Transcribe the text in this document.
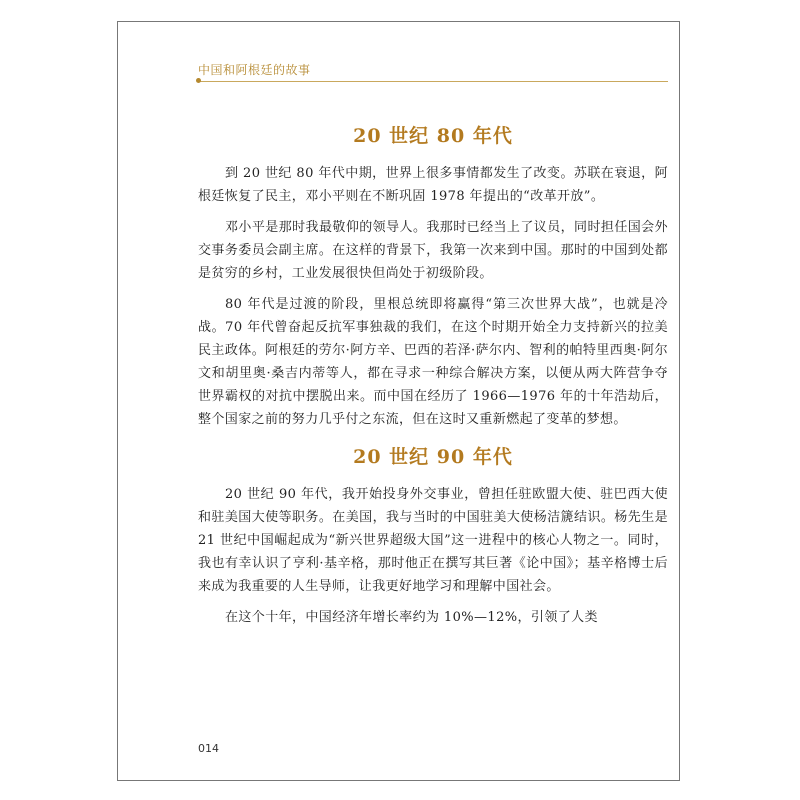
中国和阿根廷的故事
20 世纪 80 年代

到 20 世纪 80 年代中期，世界上很多事情都发生了改变。苏联在衰退，阿根廷恢复了民主，邓小平则在不断巩固 1978 年提出的“改革开放”。

邓小平是那时我最敬仰的领导人。我那时已经当上了议员，同时担任国会外交事务委员会副主席。在这样的背景下，我第一次来到中国。那时的中国到处都是贫穷的乡村，工业发展很快但尚处于初级阶段。

80 年代是过渡的阶段，里根总统即将赢得“第三次世界大战”，也就是冷战。70 年代曾奋起反抗军事独裁的我们，在这个时期开始全力支持新兴的拉美民主政体。阿根廷的劳尔·阿方辛、巴西的若泽·萨尔内、智利的帕特里西奥·阿尔文和胡里奥·桑吉内蒂等人，都在寻求一种综合解决方案，以便从两大阵营争夺世界霸权的对抗中摆脱出来。而中国在经历了 1966—1976 年的十年浩劫后，整个国家之前的努力几乎付之东流，但在这时又重新燃起了变革的梦想。

20 世纪 90 年代

20 世纪 90 年代，我开始投身外交事业，曾担任驻欧盟大使、驻巴西大使和驻美国大使等职务。在美国，我与当时的中国驻美大使杨洁篪结识。杨先生是 21 世纪中国崛起成为“新兴世界超级大国”这一进程中的核心人物之一。同时，我也有幸认识了亨利·基辛格，那时他正在撰写其巨著《论中国》；基辛格博士后来成为我重要的人生导师，让我更好地学习和理解中国社会。

在这个十年，中国经济年增长率约为 10%—12%，引领了人类

014
